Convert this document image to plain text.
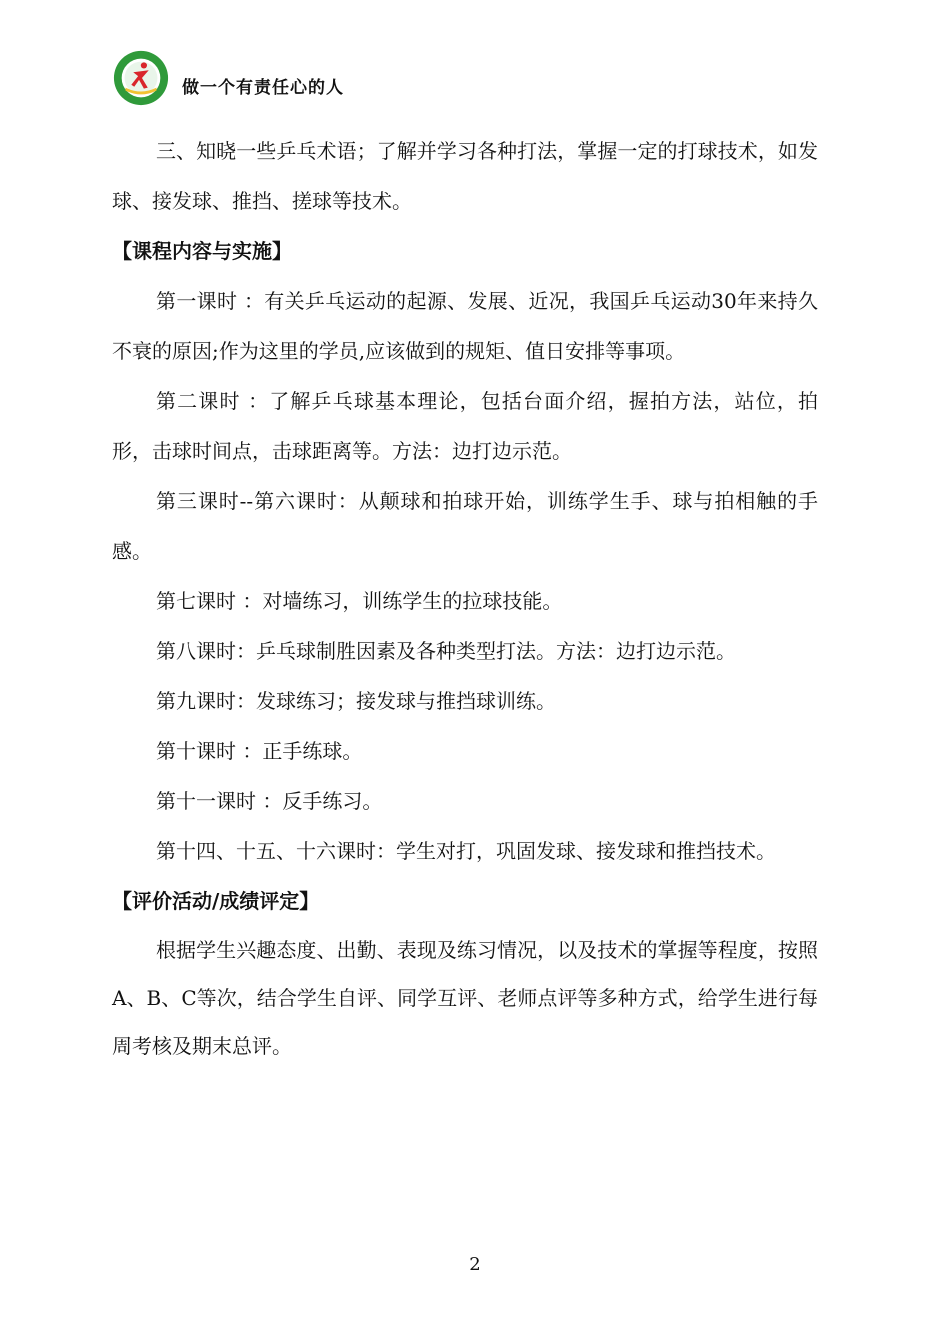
做一个有责任心的人

三、知晓一些乒乓术语；了解并学习各种打法，掌握一定的打球技术，如发球、接发球、推挡、搓球等技术。

【课程内容与实施】

第一课时 ：有关乒乓运动的起源、发展、近况，我国乒乓运动30年来持久不衰的原因;作为这里的学员,应该做到的规矩、值日安排等事项。

第二课时 ：了解乒乓球基本理论，包括台面介绍，握拍方法，站位，拍形，击球时间点，击球距离等。方法：边打边示范。

第三课时--第六课时：从颠球和拍球开始，训练学生手、球与拍相触的手感。

第七课时 ：对墙练习，训练学生的拉球技能。

第八课时：乒乓球制胜因素及各种类型打法。方法：边打边示范。

第九课时：发球练习；接发球与推挡球训练。

第十课时 ：正手练球。

第十一课时 ：反手练习。

第十四、十五、十六课时：学生对打，巩固发球、接发球和推挡技术。

【评价活动/成绩评定】

根据学生兴趣态度、出勤、表现及练习情况，以及技术的掌握等程度，按照A、B、C等次，结合学生自评、同学互评、老师点评等多种方式，给学生进行每周考核及期末总评。

2
